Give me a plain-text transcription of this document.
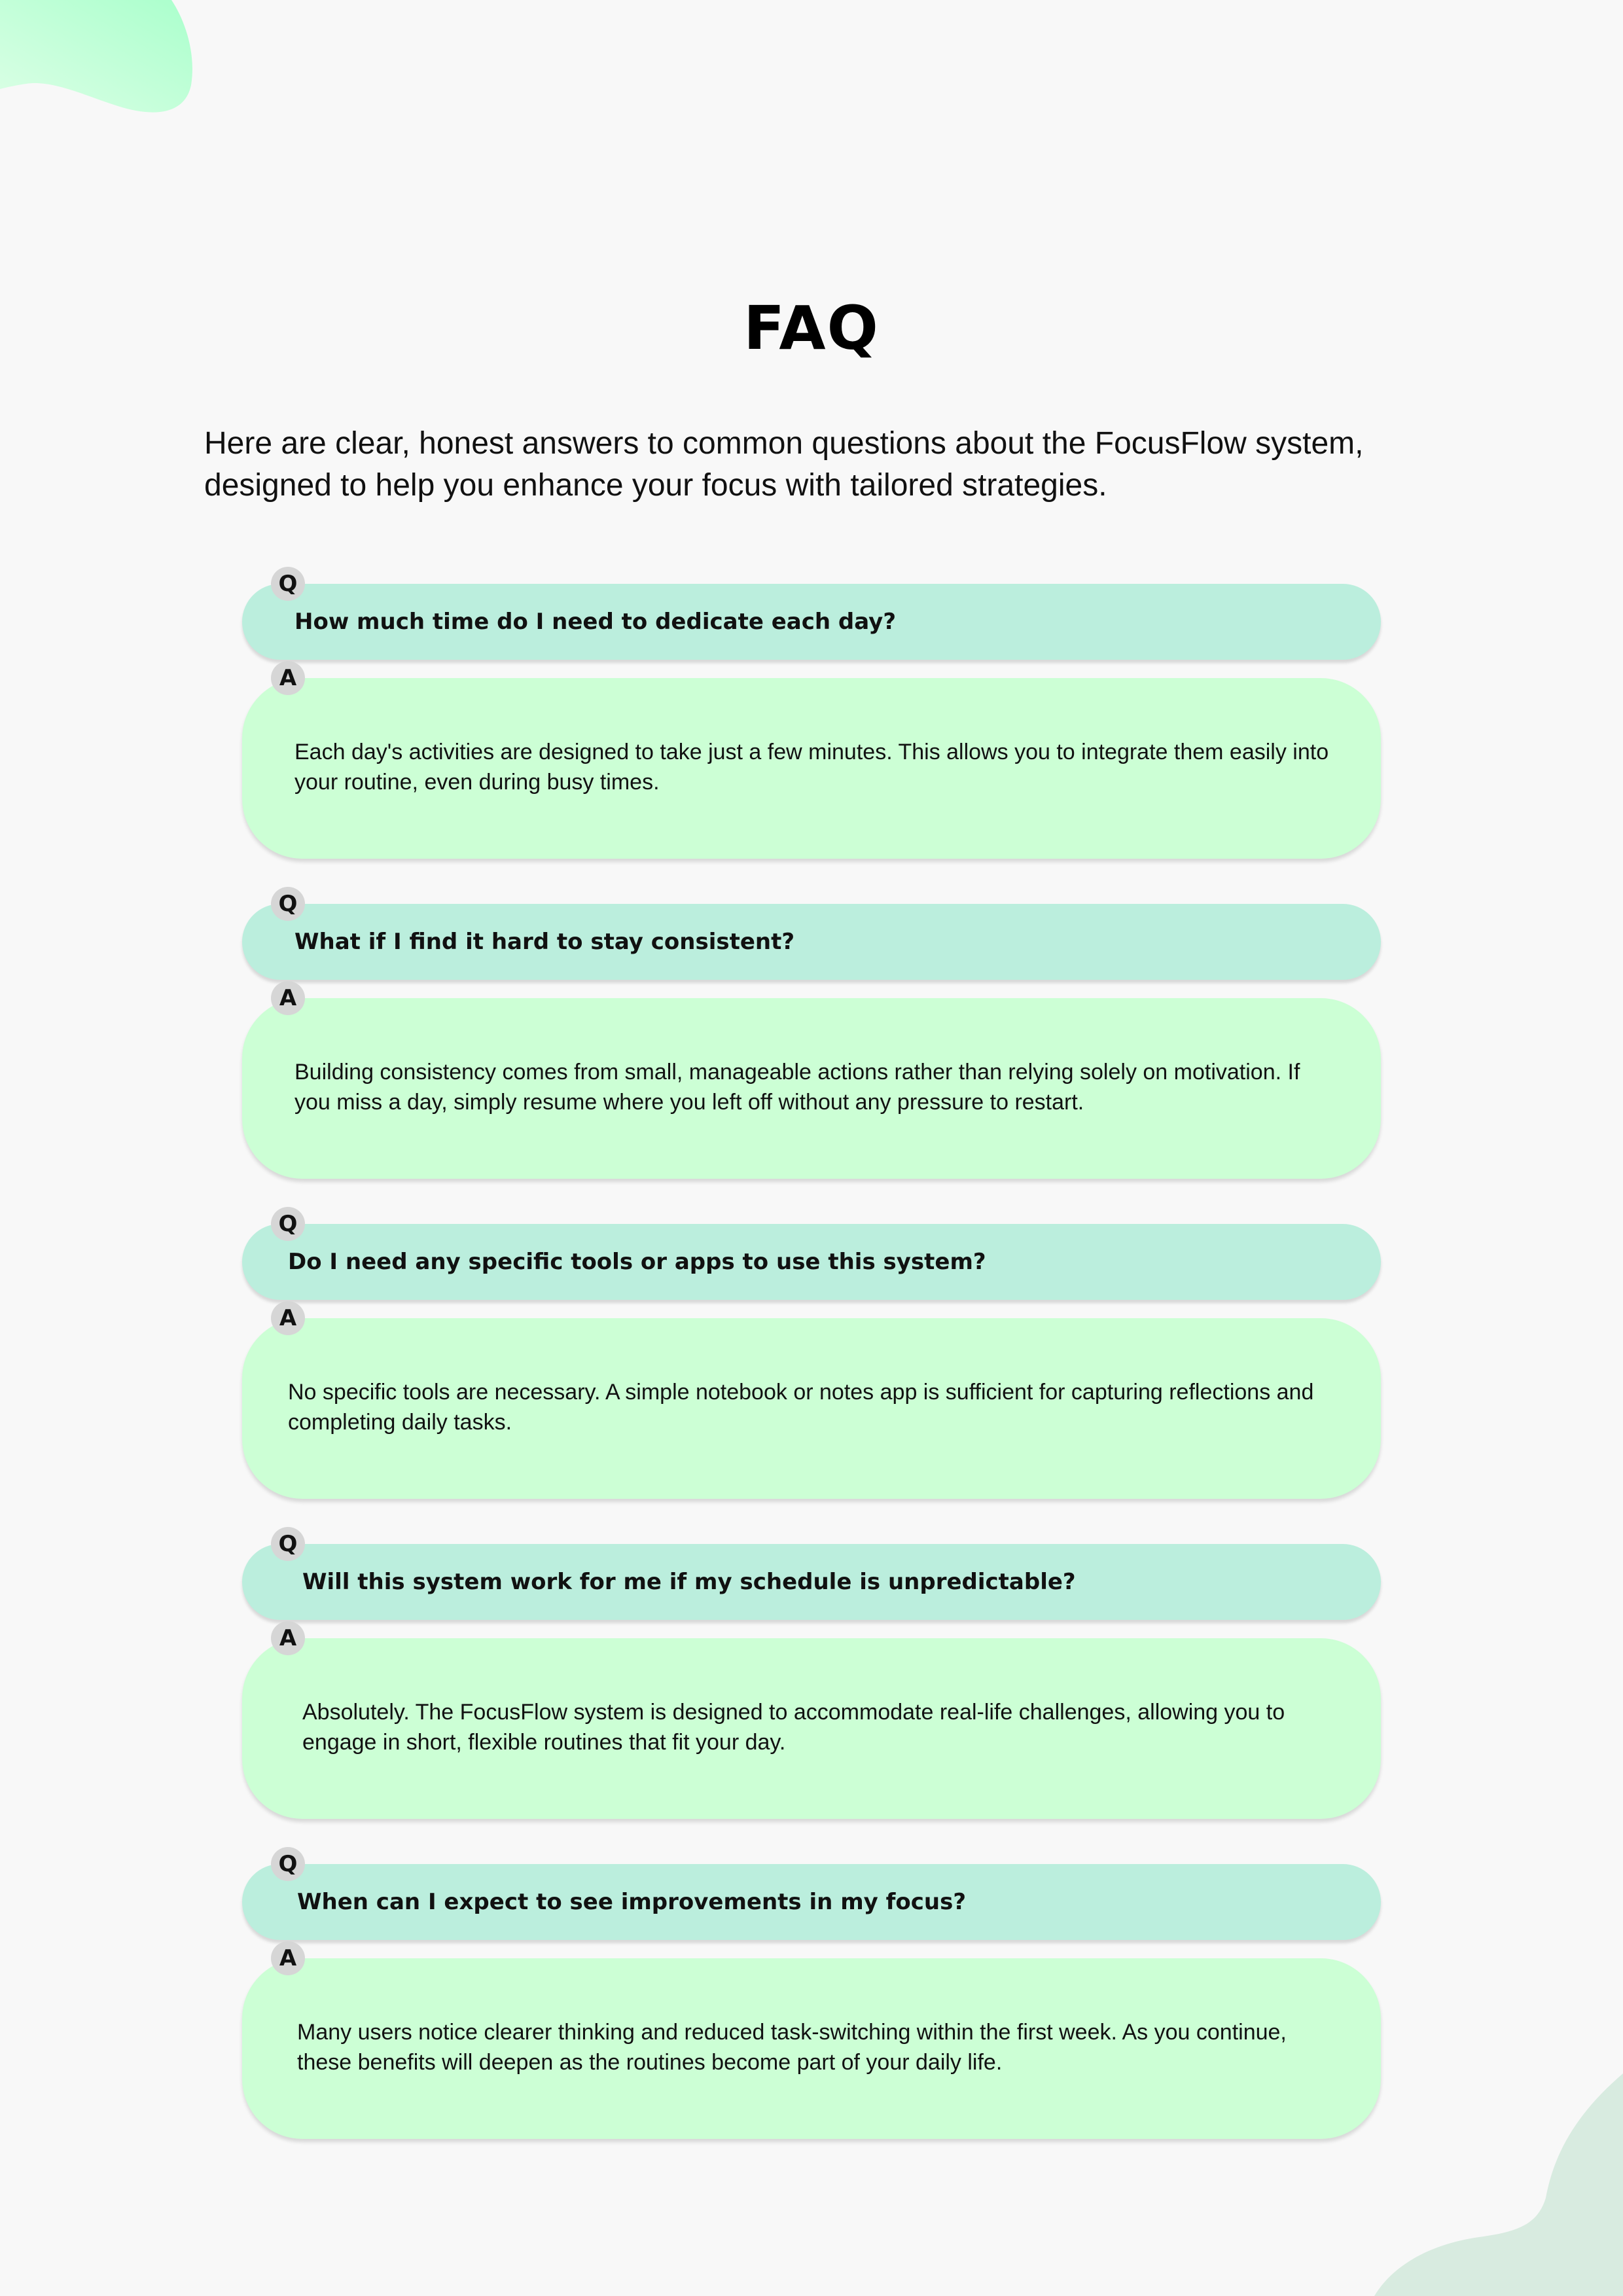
FAQ

Here are clear, honest answers to common questions about the FocusFlow system, designed to help you enhance your focus with tailored strategies.

How much time do I need to dedicate each day?
Q
Each day's activities are designed to take just a few minutes. This allows you to integrate them easily into your routine, even during busy times.
A
What if I find it hard to stay consistent?
Q
Building consistency comes from small, manageable actions rather than relying solely on motivation. If you miss a day, simply resume where you left off without any pressure to restart.
A
Do I need any specific tools or apps to use this system?
Q
No specific tools are necessary. A simple notebook or notes app is sufficient for capturing reflections and completing daily tasks.
A
Will this system work for me if my schedule is unpredictable?
Q
Absolutely. The FocusFlow system is designed to accommodate real-life challenges, allowing you to engage in short, flexible routines that fit your day.
A
When can I expect to see improvements in my focus?
Q
Many users notice clearer thinking and reduced task-switching within the first week. As you continue, these benefits will deepen as the routines become part of your daily life.
A
